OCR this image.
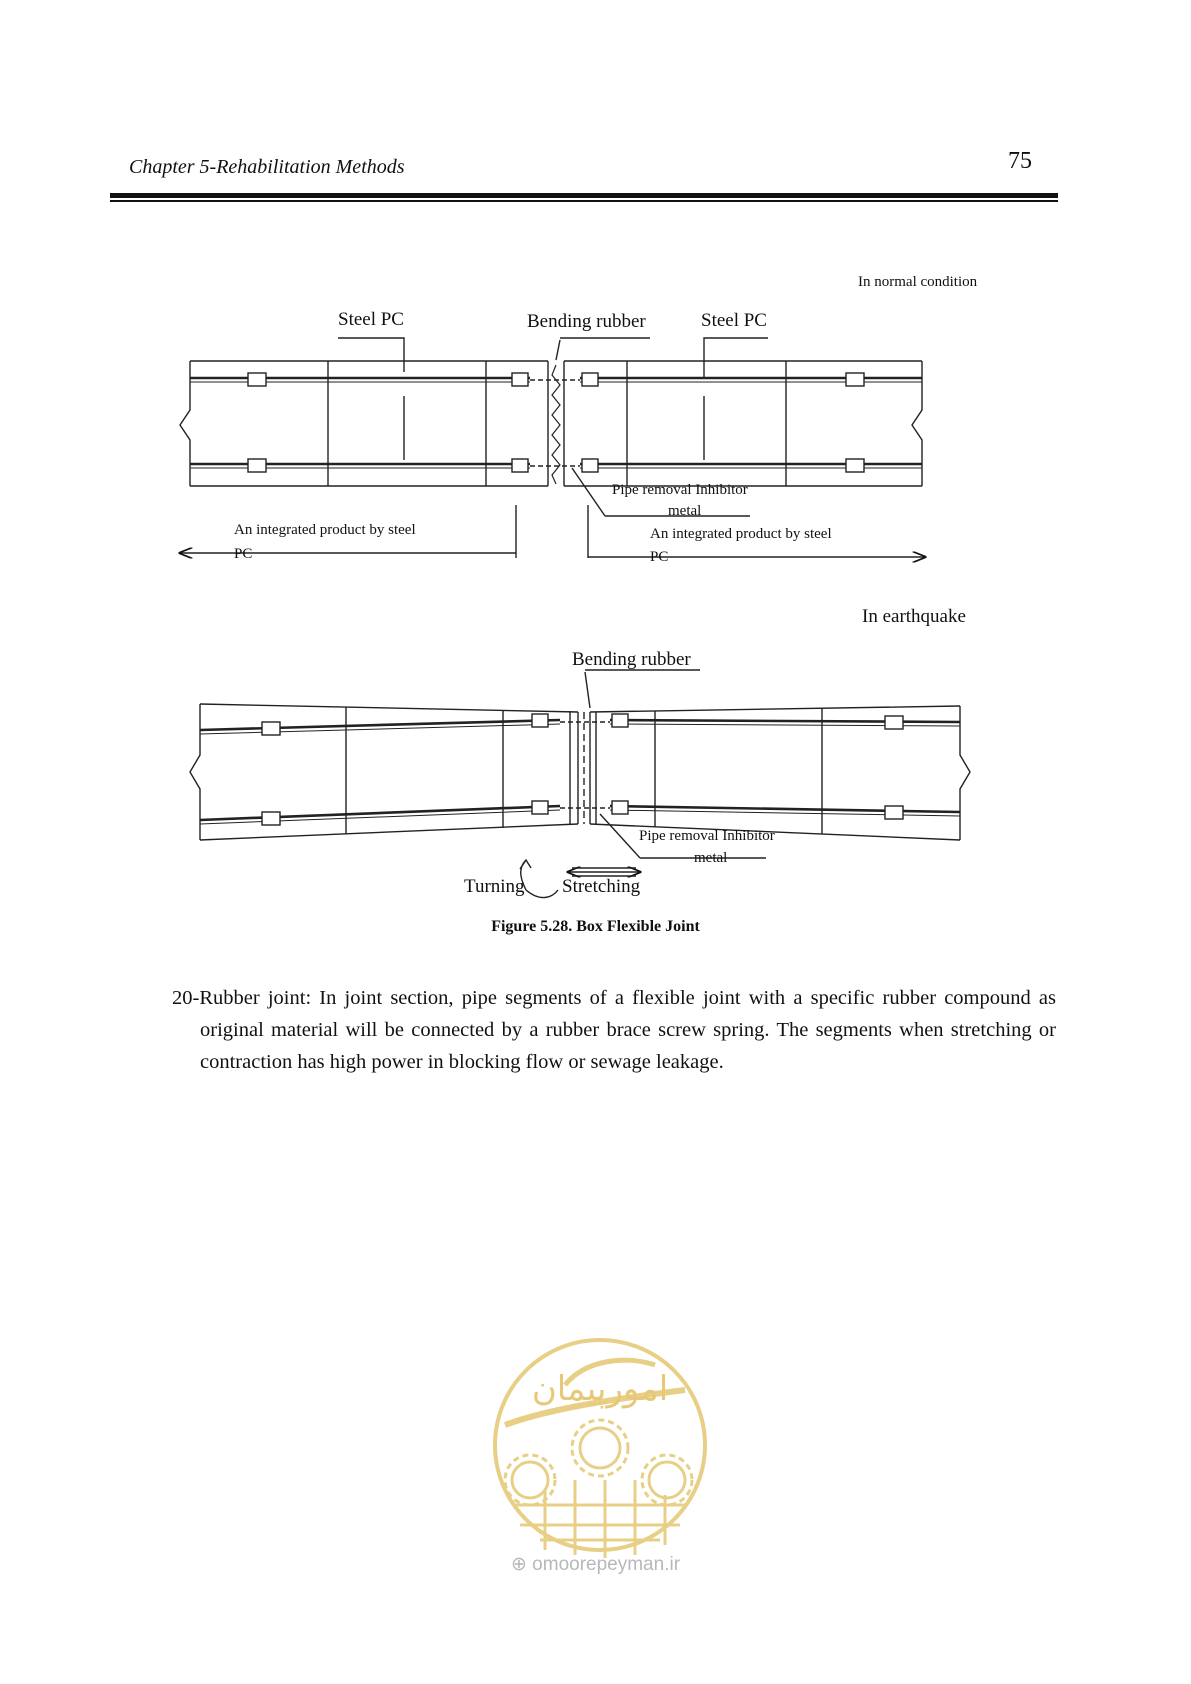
Chapter 5-Rehabilitation Methods	75
In normal condition
Steel PC	Bending rubber	Steel PC
Pipe removal Inhibitor
metal
An integrated product by steel
PC
An integrated product by steel
PC
In earthquake
Bending rubber
Pipe removal Inhibitor
metal
Turning Stretching
Figure 5.28. Box Flexible Joint
20-Rubber joint: In joint section, pipe segments of a flexible joint with a specific rubber compound as original material will be connected by a rubber brace screw spring. The segments when stretching or contraction has high power in blocking flow or sewage leakage.
امورپیمان
⊕ omoorepeyman.ir
